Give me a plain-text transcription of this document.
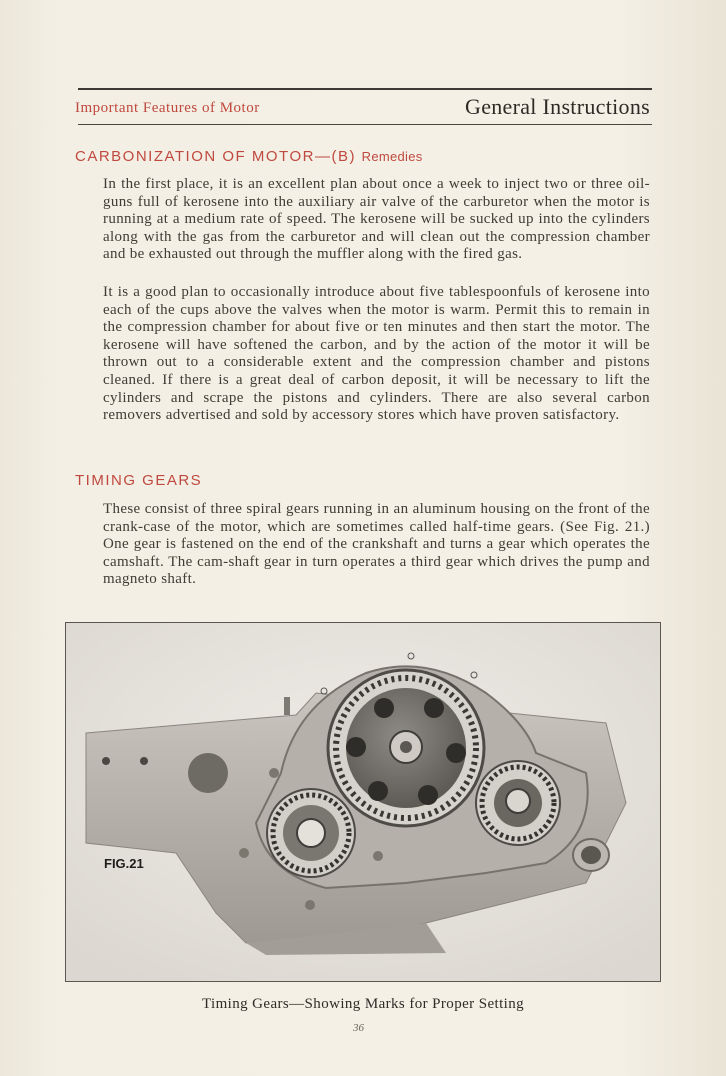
Important Features of Motor	General Instructions
CARBONIZATION OF MOTOR—(B) Remedies

In the first place, it is an excellent plan about once a week to inject two or three oil-guns full of kerosene into the auxiliary air valve of the carburetor when the motor is running at a medium rate of speed. The kerosene will be sucked up into the cylinders along with the gas from the carburetor and will clean out the compression chamber and be exhausted out through the muffler along with the fired gas.

It is a good plan to occasionally introduce about five tablespoonfuls of kerosene into each of the cups above the valves when the motor is warm. Permit this to remain in the compression chamber for about five or ten minutes and then start the motor. The kerosene will have softened the carbon, and by the action of the motor it will be thrown out to a considerable extent and the compression chamber and pistons cleaned. If there is a great deal of carbon deposit, it will be necessary to lift the cylinders and scrape the pistons and cylinders. There are also several carbon removers advertised and sold by accessory stores which have proven satisfactory.

TIMING GEARS

These consist of three spiral gears running in an aluminum housing on the front of the crank-case of the motor, which are sometimes called half-time gears. (See Fig. 21.) One gear is fastened on the end of the crankshaft and turns a gear which operates the camshaft. The cam-shaft gear in turn operates a third gear which drives the pump and magneto shaft.

FIG.21
Timing Gears—Showing Marks for Proper Setting
36
